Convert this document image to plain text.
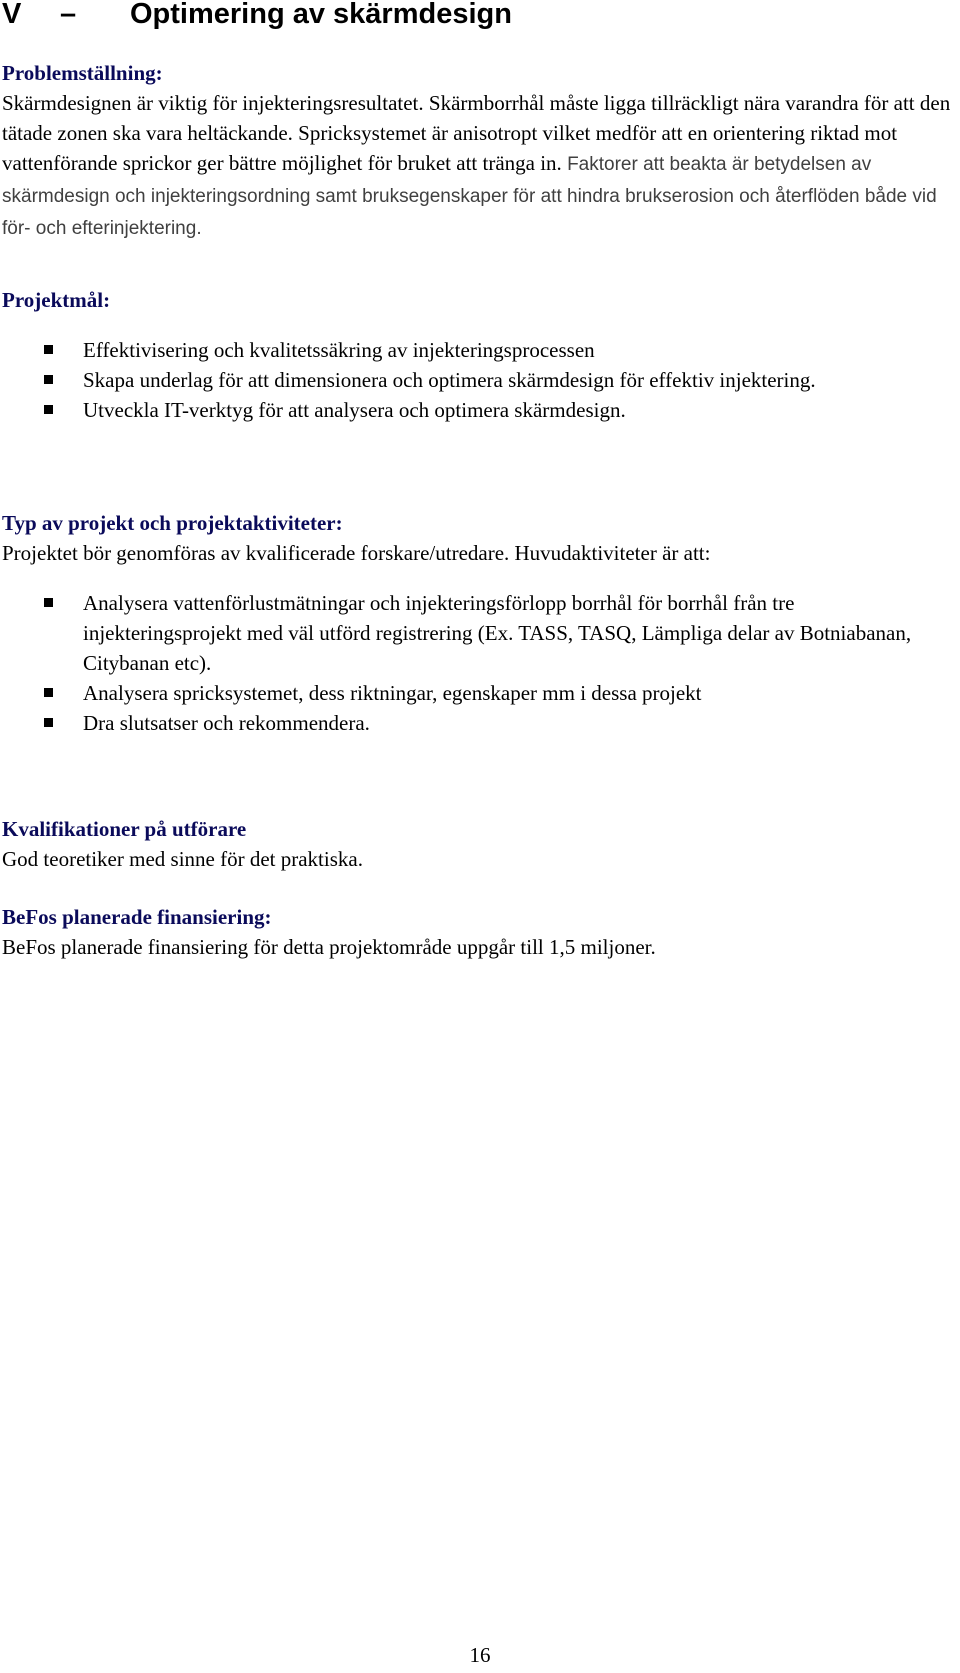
V – Optimering av skärmdesign
Problemställning:

Skärmdesignen är viktig för injekteringsresultatet. Skärmborrhål måste ligga tillräckligt nära varandra för att den tätade zonen ska vara heltäckande. Spricksystemet är anisotropt vilket medför att en orientering riktad mot vattenförande sprickor ger bättre möjlighet för bruket att tränga in. Faktorer att beakta är betydelsen av skärmdesign och injekteringsordning samt bruksegenskaper för att hindra brukserosion och återflöden både vid för- och efterinjektering.

Projektmål:
Effektivisering och kvalitetssäkring av injekteringsprocessen
Skapa underlag för att dimensionera och optimera skärmdesign för effektiv injektering.
Utveckla IT-verktyg för att analysera och optimera skärmdesign.
Typ av projekt och projektaktiviteter:
Projektet bör genomföras av kvalificerade forskare/utredare. Huvudaktiviteter är att:
Analysera vattenförlustmätningar och injekteringsförlopp borrhål för borrhål från tre injekteringsprojekt med väl utförd registrering (Ex. TASS, TASQ, Lämpliga delar av Botniabanan, Citybanan etc).
Analysera spricksystemet, dess riktningar, egenskaper mm i dessa projekt
Dra slutsatser och rekommendera.
Kvalifikationer på utförare
God teoretiker med sinne för det praktiska.
BeFos planerade finansiering:
BeFos planerade finansiering för detta projektområde uppgår till 1,5 miljoner.
16
